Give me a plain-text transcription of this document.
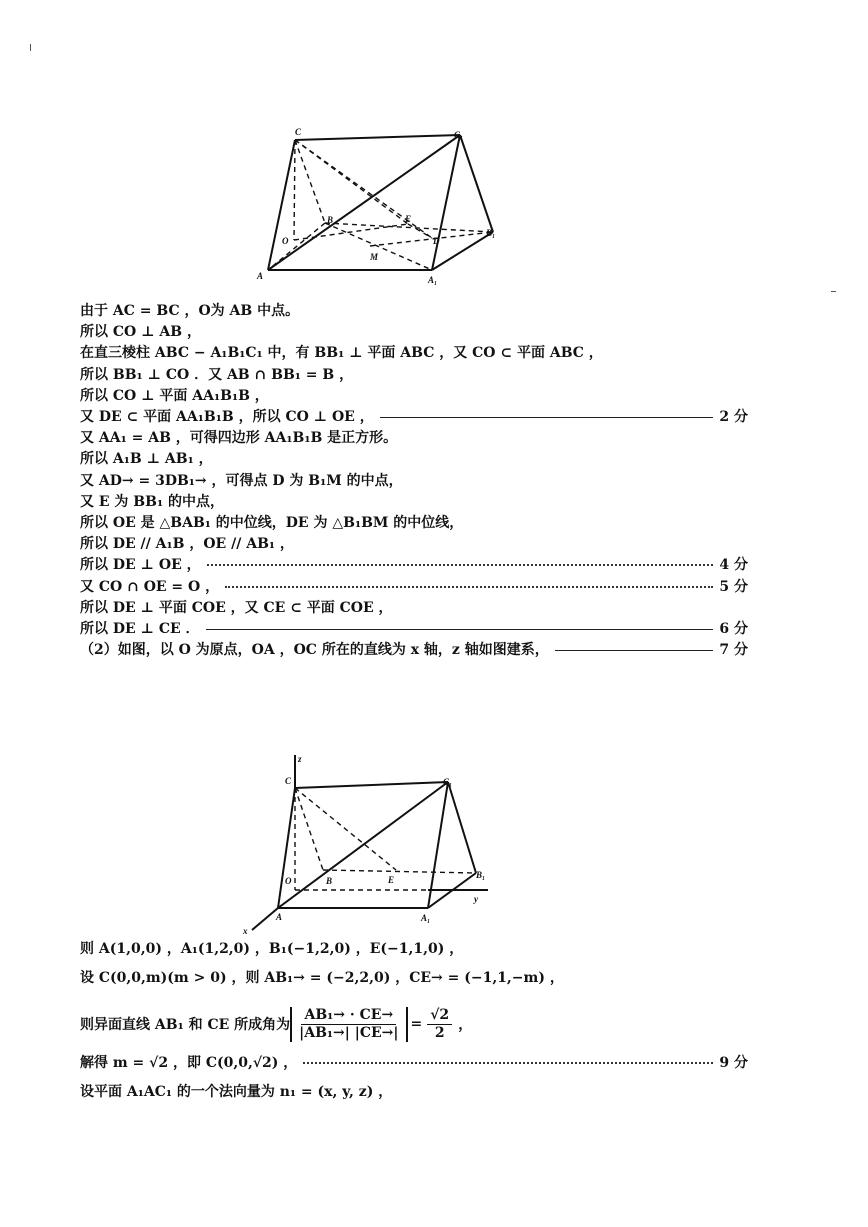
C	C₁
B	E
B₁
O	D
M
A	A₁
由于 AC = BC ，O为 AB 中点。
所以 CO ⊥ AB ，
在直三棱柱 ABC − A₁B₁C₁ 中，有 BB₁ ⊥ 平面 ABC ，又 CO ⊂ 平面 ABC ，
所以 BB₁ ⊥ CO ．又 AB ∩ BB₁ = B ，
所以 CO ⊥ 平面 AA₁B₁B ，
又 DE ⊂ 平面 AA₁B₁B ，所以 CO ⊥ OE ，	2 分
又 AA₁ = AB ，可得四边形 AA₁B₁B 是正方形。
所以 A₁B ⊥ AB₁ ，
又 AD→ = 3DB₁→ ，可得点 D 为 B₁M 的中点，
又 E 为 BB₁ 的中点，
所以 OE 是 △BAB₁ 的中位线，DE 为 △B₁BM 的中位线，
所以 DE // A₁B ，OE // AB₁ ，
所以 DE ⊥ OE ，	4 分
又 CO ∩ OE = O ，	5 分
所以 DE ⊥ 平面 COE ，又 CE ⊂ 平面 COE ，
所以 DE ⊥ CE ．	6 分
（2）如图，以 O 为原点，OA ，OC 所在的直线为 x 轴，z 轴如图建系，	7 分
z
C	C₁
O	B	E	B₁
y
A	A₁
x
则 A(1,0,0) ，A₁(1,2,0) ，B₁(−1,2,0) ，E(−1,1,0) ，
设 C(0,0,m)(m > 0) ，则 AB₁→ = (−2,2,0) ，CE→ = (−1,1,−m) ，
则异面直线 AB₁ 和 CE 所成角为 $\frac{\text{AB₁→ · CE→}}{\text{|AB₁→| |CE→|}} = \frac{√2}{2}$ ，
解得 m = √2 ，即 C(0,0,√2) ，	9 分
设平面 A₁AC₁ 的一个法向量为 n₁ = (x, y, z) ，
